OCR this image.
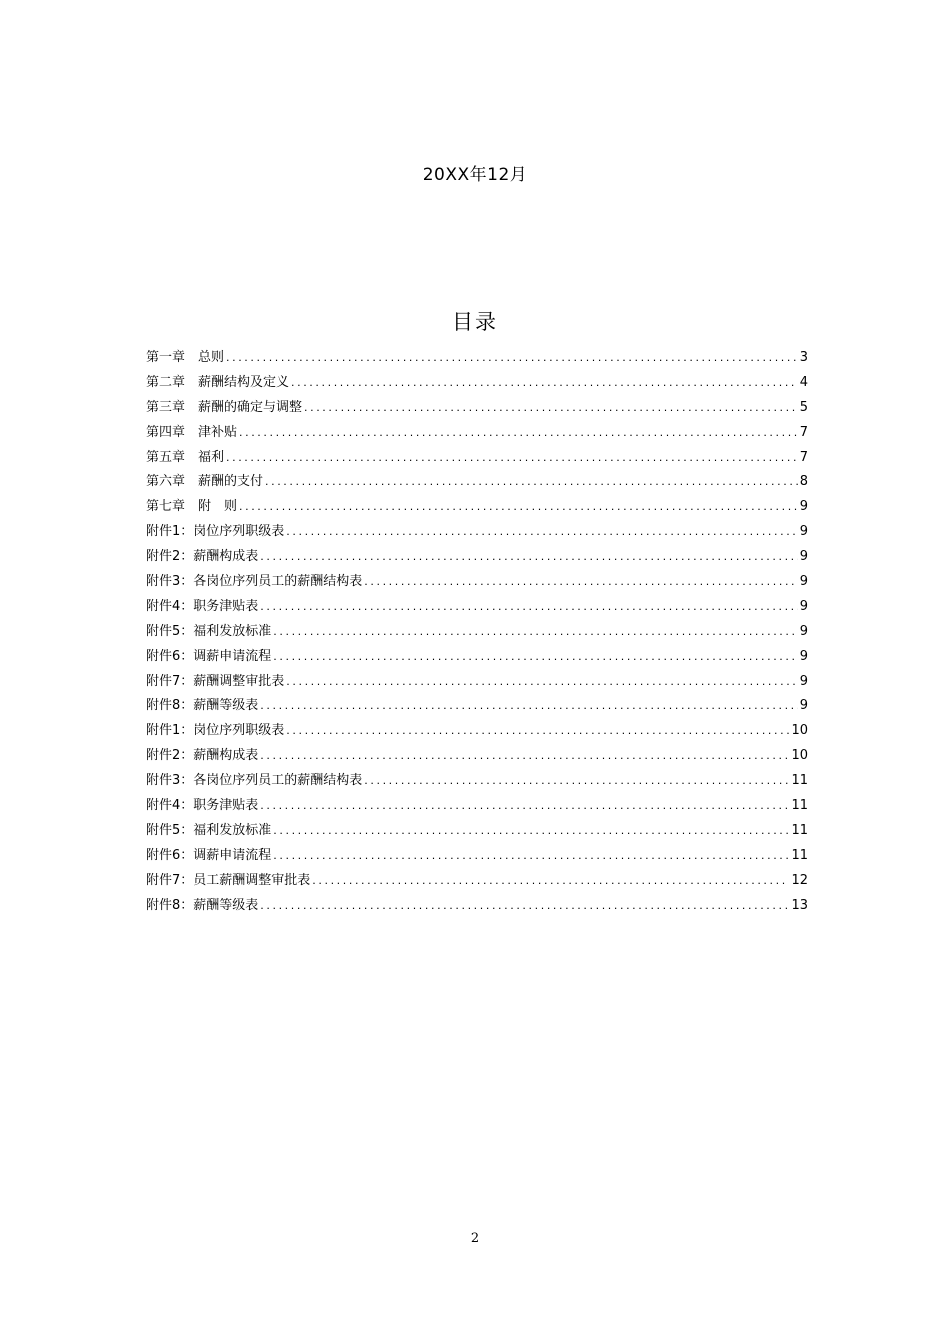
20XX年12月
目录
第一章　总则 .....	3
第二章　薪酬结构及定义 .....	4
第三章　薪酬的确定与调整 .....	5
第四章　津补贴 .....	7
第五章　福利 .....	7
第六章　薪酬的支付 .....	8
第七章　附　则 .....	9
附件1：岗位序列职级表 .....	9
附件2：薪酬构成表 .....	9
附件3：各岗位序列员工的薪酬结构表 .....	9
附件4：职务津贴表 .....	9
附件5：福利发放标准 .....	9
附件6：调薪申请流程 .....	9
附件7：薪酬调整审批表 .....	9
附件8：薪酬等级表 .....	9
附件1：岗位序列职级表 .....	10
附件2：薪酬构成表 .....	10
附件3：各岗位序列员工的薪酬结构表 .....	11
附件4：职务津贴表 .....	11
附件5：福利发放标准 .....	11
附件6：调薪申请流程 .....	11
附件7：员工薪酬调整审批表 .....	12
附件8：薪酬等级表 .....	13
2
